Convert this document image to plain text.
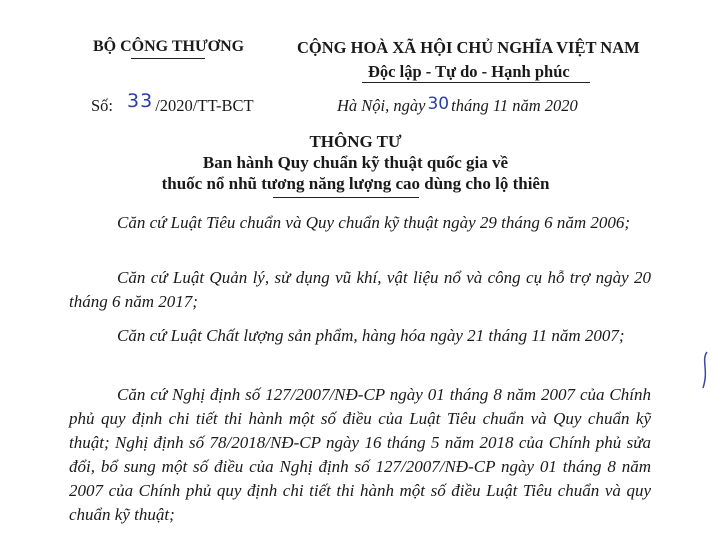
BỘ CÔNG THƯƠNG	CỘNG HOÀ XÃ HỘI CHỦ NGHĨA VIỆT NAM
Độc lập - Tự do - Hạnh phúc
Số: 33 /2020/TT-BCT	Hà Nội, ngày 30 tháng 11 năm 2020
THÔNG TƯ
Ban hành Quy chuẩn kỹ thuật quốc gia về
thuốc nổ nhũ tương năng lượng cao dùng cho lộ thiên
Căn cứ Luật Tiêu chuẩn và Quy chuẩn kỹ thuật ngày 29 tháng 6 năm 2006;
Căn cứ Luật Quản lý, sử dụng vũ khí, vật liệu nổ và công cụ hỗ trợ ngày 20 tháng 6 năm 2017;
Căn cứ Luật Chất lượng sản phẩm, hàng hóa ngày 21 tháng 11 năm 2007;
Căn cứ Nghị định số 127/2007/NĐ-CP ngày 01 tháng 8 năm 2007 của Chính phủ quy định chi tiết thi hành một số điều của Luật Tiêu chuẩn và Quy chuẩn kỹ thuật; Nghị định số 78/2018/NĐ-CP ngày 16 tháng 5 năm 2018 của Chính phủ sửa đổi, bổ sung một số điều của Nghị định số 127/2007/NĐ-CP ngày 01 tháng 8 năm 2007 của Chính phủ quy định chi tiết thi hành một số điều Luật Tiêu chuẩn và quy chuẩn kỹ thuật;
